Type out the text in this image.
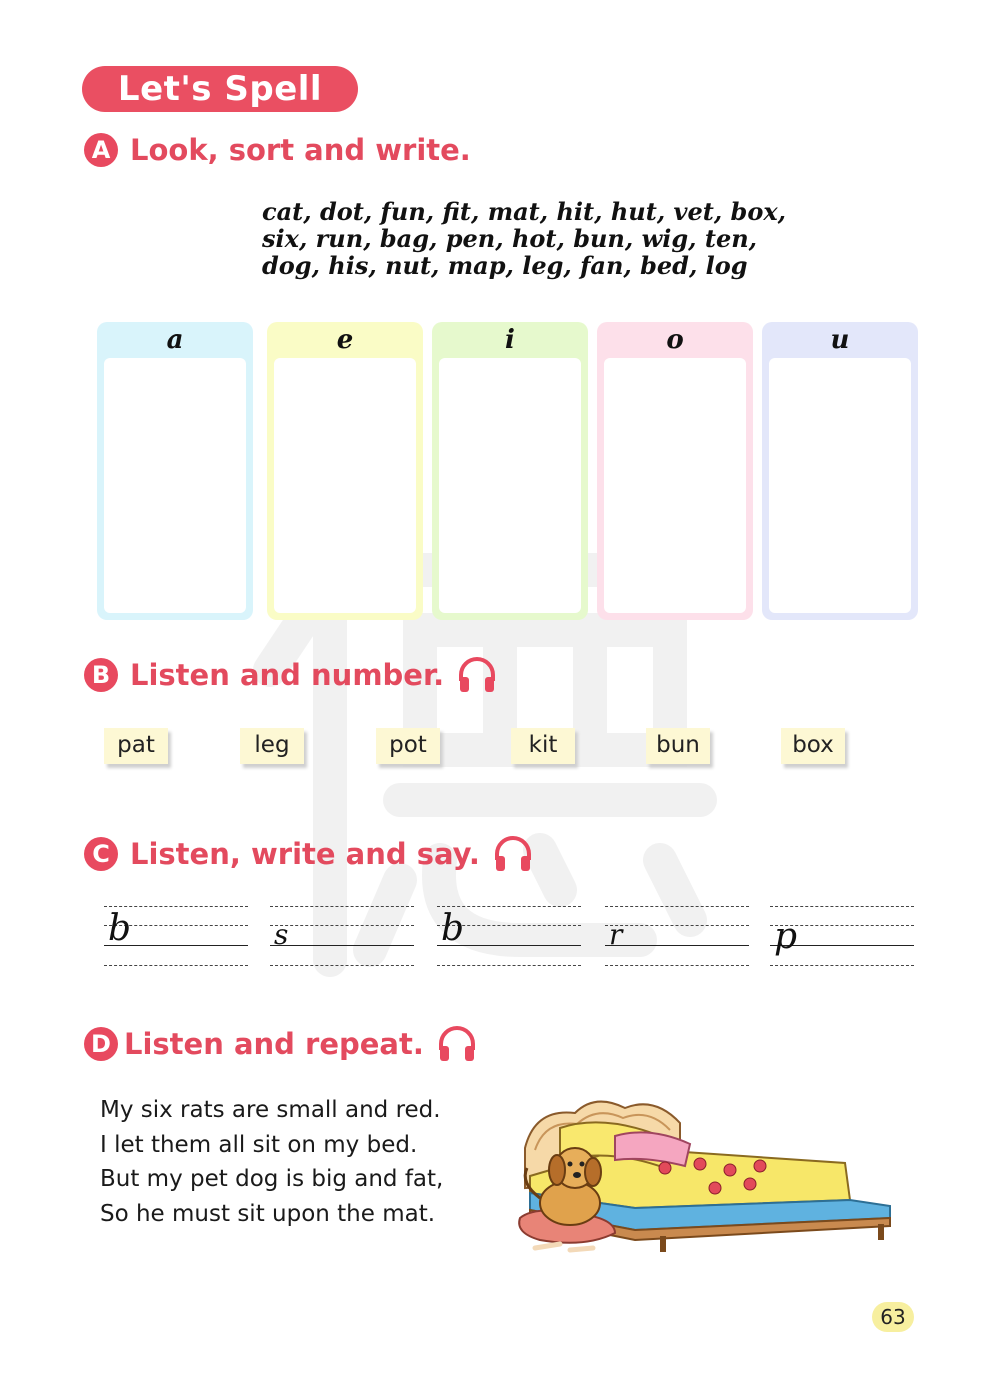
Let's Spell
A Look, sort and write.
cat, dot, fun, fit, mat, hit, hut, vet, box,
six, run, bag, pen, hot, bun, wig, ten,
dog, his, nut, map, leg, fan, bed, log
a	e	i	o	u
B Listen and number.
pat	leg	pot	kit	bun	box
C Listen, write and say.
b	s	b	r	p
D Listen and repeat.
My six rats are small and red.
I let them all sit on my bed.
But my pet dog is big and fat,
So he must sit upon the mat.
63
